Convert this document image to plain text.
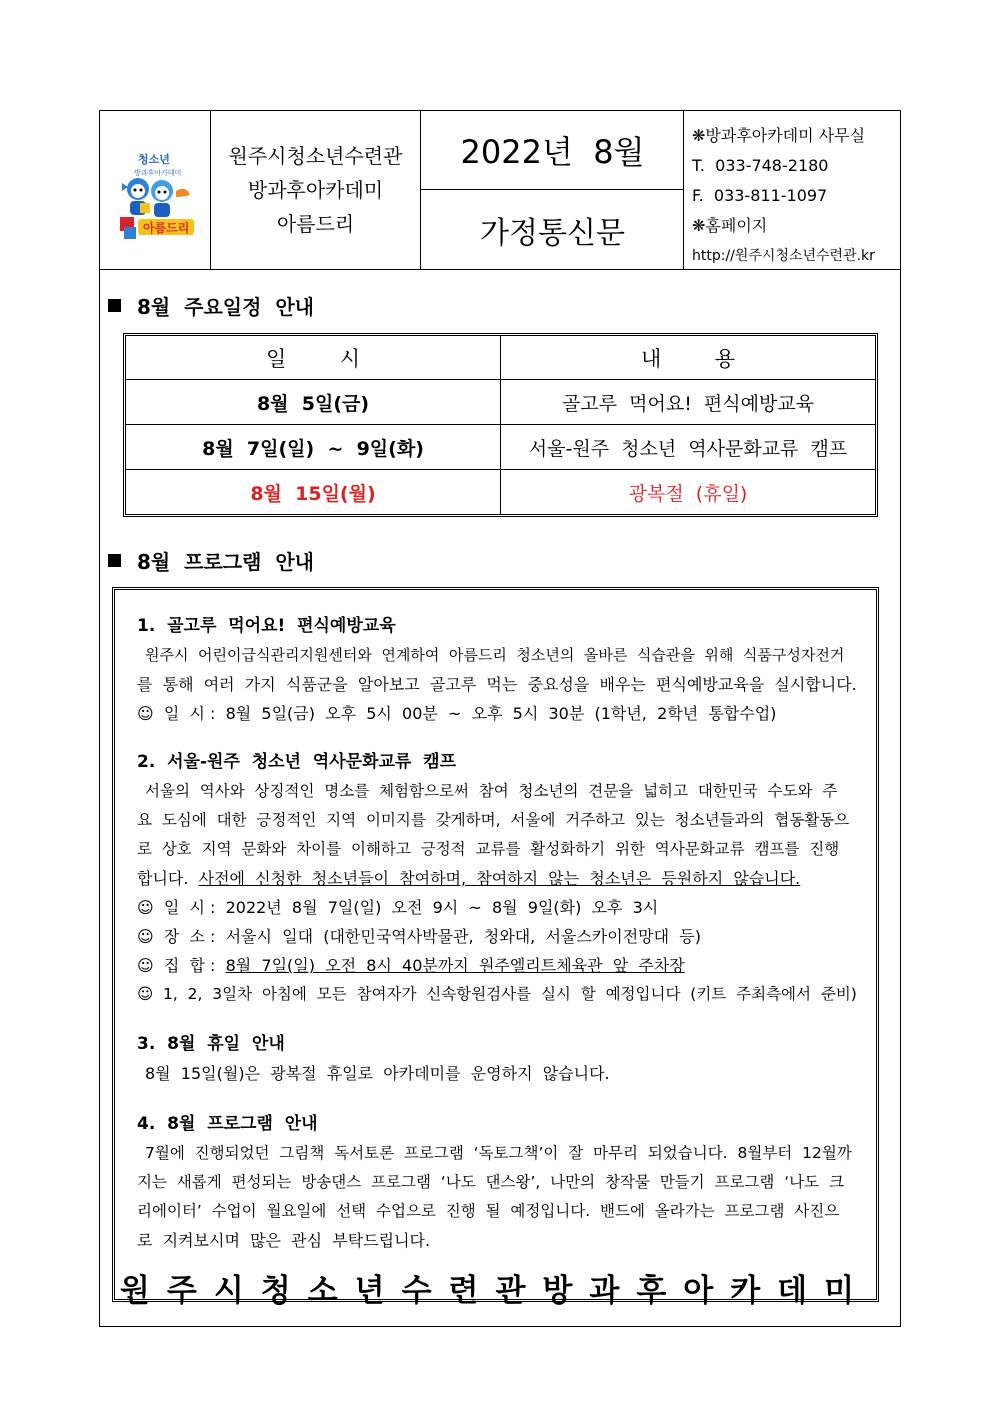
청소년
방과후아카데미
아름드리
원주시청소년수련관
방과후아카데미
아름드리
2022년  8월
가정통신문
❋방과후아카데미 사무실
T.  033-748-2180
F.  033-811-1097
❋홈페이지
http://원주시청소년수련관.kr
8월  주요일정  안내
일        시	내        용
8월  5일(금)	골고루  먹어요!  편식예방교육
8월  7일(일)  ~  9일(화)	서울-원주  청소년  역사문화교류  캠프
8월  15일(월)	광복절  (휴일)
8월  프로그램  안내
1.  골고루  먹어요!  편식예방교육
원주시  어린이급식관리지원센터와  연계하여  아름드리  청소년의  올바른  식습관을  위해  식품구성자전거
를  통해  여러  가지  식품군을  알아보고  골고루  먹는  중요성을  배우는  편식예방교육을  실시합니다.
☺  일  시 :  8월  5일(금)  오후  5시  00분  ~  오후  5시  30분  (1학년,  2학년  통합수업)
2.  서울-원주  청소년  역사문화교류  캠프
서울의  역사와  상징적인  명소를  체험함으로써  참여  청소년의  견문을  넓히고  대한민국  수도와  주
요  도심에  대한  긍정적인  지역  이미지를  갖게하며,  서울에  거주하고  있는  청소년들과의  협동활동으
로  상호  지역  문화와  차이를  이해하고  긍정적  교류를  활성화하기  위한  역사문화교류  캠프를  진행
합니다.  사전에  신청한  청소년들이  참여하며,  참여하지  않는  청소년은  등원하지  않습니다.
☺  일  시 :  2022년  8월  7일(일)  오전  9시  ~  8월  9일(화)  오후  3시
☺  장  소 :  서울시  일대  (대한민국역사박물관,  청와대,  서울스카이전망대  등)
☺  집  합 :  8월  7일(일)  오전  8시  40분까지  원주엘리트체육관  앞  주차장
☺  1,  2,  3일차  아침에  모든  참여자가  신속항원검사를  실시  할  예정입니다  (키트  주최측에서  준비)
3.  8월  휴일  안내
8월  15일(월)은  광복절  휴일로  아카데미를  운영하지  않습니다.
4.  8월  프로그램  안내
7월에  진행되었던  그림책  독서토론  프로그램  ‘독토그책’이  잘  마무리  되었습니다.  8월부터  12월까
지는  새롭게  편성되는  방송댄스  프로그램  ‘나도  댄스왕’,  나만의  창작물  만들기  프로그램  ‘나도  크
리에이터’  수업이  월요일에  선택  수업으로  진행  될  예정입니다.  밴드에  올라가는  프로그램  사진으
로  지켜보시며  많은  관심  부탁드립니다.
원주시청소년수련관방과후아카데미
